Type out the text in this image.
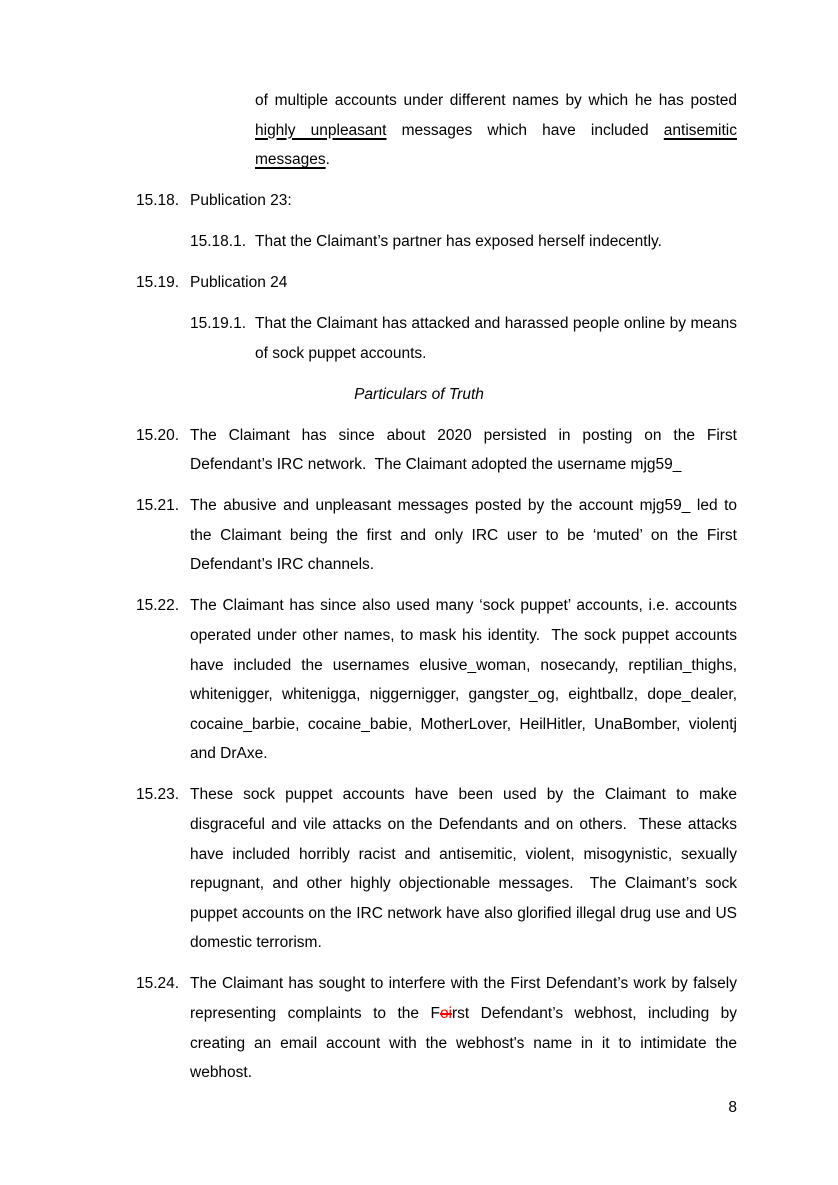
of multiple accounts under different names by which he has posted highly unpleasant messages which have included antisemitic messages.

15.18. Publication 23:
15.18.1. That the Claimant’s partner has exposed herself indecently.
15.19. Publication 24
15.19.1. That the Claimant has attacked and harassed people online by means of sock puppet accounts.
Particulars of Truth
15.20. The Claimant has since about 2020 persisted in posting on the First Defendant’s IRC network.  The Claimant adopted the username mjg59_
15.21. The abusive and unpleasant messages posted by the account mjg59_ led to the Claimant being the first and only IRC user to be ‘muted’ on the First Defendant’s IRC channels.
15.22. The Claimant has since also used many ‘sock puppet’ accounts, i.e. accounts operated under other names, to mask his identity.  The sock puppet accounts have included the usernames elusive_woman, nosecandy, reptilian_thighs, whitenigger, whitenigga, niggernigger, gangster_og, eightballz, dope_dealer, cocaine_barbie, cocaine_babie, MotherLover, HeilHitler, UnaBomber, violentj and DrAxe.
15.23. These sock puppet accounts have been used by the Claimant to make disgraceful and vile attacks on the Defendants and on others.  These attacks have included horribly racist and antisemitic, violent, misogynistic, sexually repugnant, and other highly objectionable messages.  The Claimant’s sock puppet accounts on the IRC network have also glorified illegal drug use and US domestic terrorism.
15.24. The Claimant has sought to interfere with the First Defendant’s work by falsely representing complaints to the Foirst Defendant’s webhost, including by creating an email account with the webhost's name in it to intimidate the webhost.
8
